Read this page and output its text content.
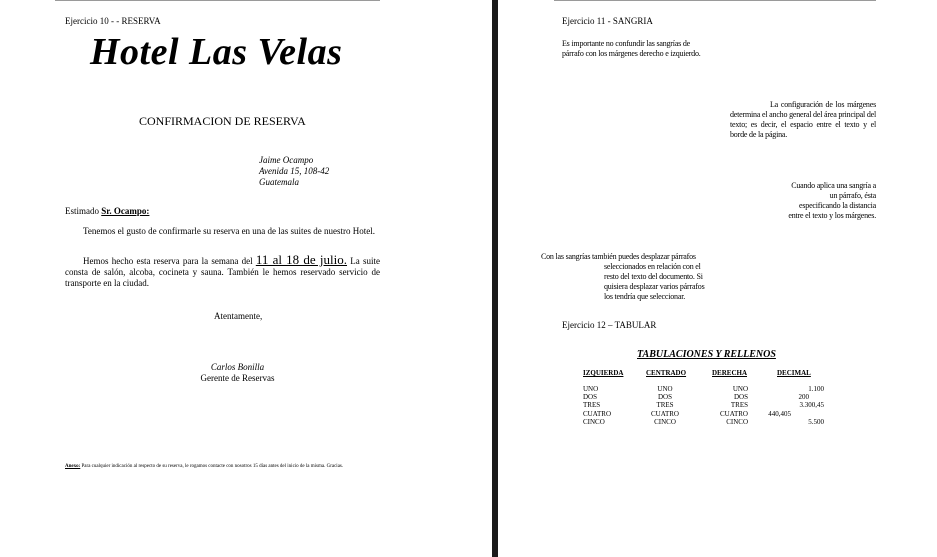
Ejercicio 10 - - RESERVA
Hotel Las Velas
CONFIRMACION DE RESERVA
Jaime Ocampo
Avenida 15, 108-42
Guatemala
Estimado Sr. Ocampo:
Tenemos el gusto de confirmarle su reserva en una de las suites de nuestro Hotel.
Hemos hecho esta reserva para la semana del 11 al 18 de julio. La suite consta de salón, alcoba, cocineta y sauna. También le hemos reservado servicio de transporte en la ciudad.
Atentamente,
Carlos Bonilla
Gerente de Reservas
Anexo: Para cualquier indicación al respecto de su reserva, le rogamos contacte con nosotros 15 días antes del inicio de la misma. Gracias.
Ejercicio 11 - SANGRIA
Es importante no confundir las sangrías de párrafo con los márgenes derecho e izquierdo.
La configuración de los márgenes determina el ancho general del área principal del texto; es decir, el espacio entre el texto y el borde de la página.
Cuando aplica una sangría a
un párrafo, ésta
especificando la distancia
entre el texto y los márgenes.
Con las sangrías también puedes desplazar párrafos
seleccionados en relación con el
resto del texto del documento. Si
quisiera desplazar varios párrafos
los tendría que seleccionar.
Ejercicio 12 – TABULAR
TABULACIONES Y RELLENOS
IZQUIERDA	CENTRADO	DERECHA	DECIMAL
UNO	UNO	UNO	1.100
DOS	DOS	DOS	200
TRES	TRES	TRES	3.300,45
CUATRO	CUATRO	CUATRO	440,405
CINCO	CINCO	CINCO	5.500
